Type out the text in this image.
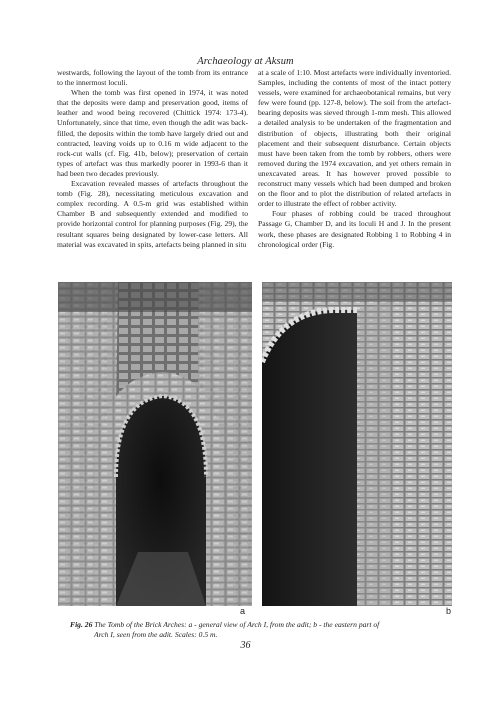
Archaeology at Aksum

westwards, following the layout of the tomb from its entrance to the innermost loculi.

When the tomb was first opened in 1974, it was noted that the deposits were damp and preservation good, items of leather and wood being recovered (Chittick 1974: 173-4). Unfortunately, since that time, even though the adit was back-filled, the deposits within the tomb have largely dried out and contracted, leaving voids up to 0.16 m wide adjacent to the rock-cut walls (cf. Fig. 41b, below); preservation of certain types of artefact was thus markedly poorer in 1993-6 than it had been two decades previously.

Excavation revealed masses of artefacts throughout the tomb (Fig. 28), necessitating meticulous excavation and complex recording. A 0.5-m grid was established within Chamber B and subsequently extended and modified to provide horizontal control for planning purposes (Fig. 29), the resultant squares being designated by lower-case letters. All material was excavated in spits, artefacts being planned in situ

at a scale of 1:10. Most artefacts were individually inventoried. Samples, including the contents of most of the intact pottery vessels, were examined for archaeobotanical remains, but very few were found (pp. 127-8, below). The soil from the artefact-bearing deposits was sieved through 1-mm mesh. This allowed a detailed analysis to be undertaken of the fragmentation and distribution of objects, illustrating both their original placement and their subsequent disturbance. Certain objects must have been taken from the tomb by robbers, others were removed during the 1974 excavation, and yet others remain in unexcavated areas. It has however proved possible to reconstruct many vessels which had been dumped and broken on the floor and to plot the distribution of related artefacts in order to illustrate the effect of robber activity.

Four phases of robbing could be traced throughout Passage G, Chamber D, and its loculi H and J. In the present work, these phases are designated Robbing 1 to Robbing 4 in chronological order (Fig.

a	b
Fig. 26 The Tomb of the Brick Arches: a - general view of Arch I, from the adit; b - the eastern part of
Arch I, seen from the adit. Scales: 0.5 m.
36
